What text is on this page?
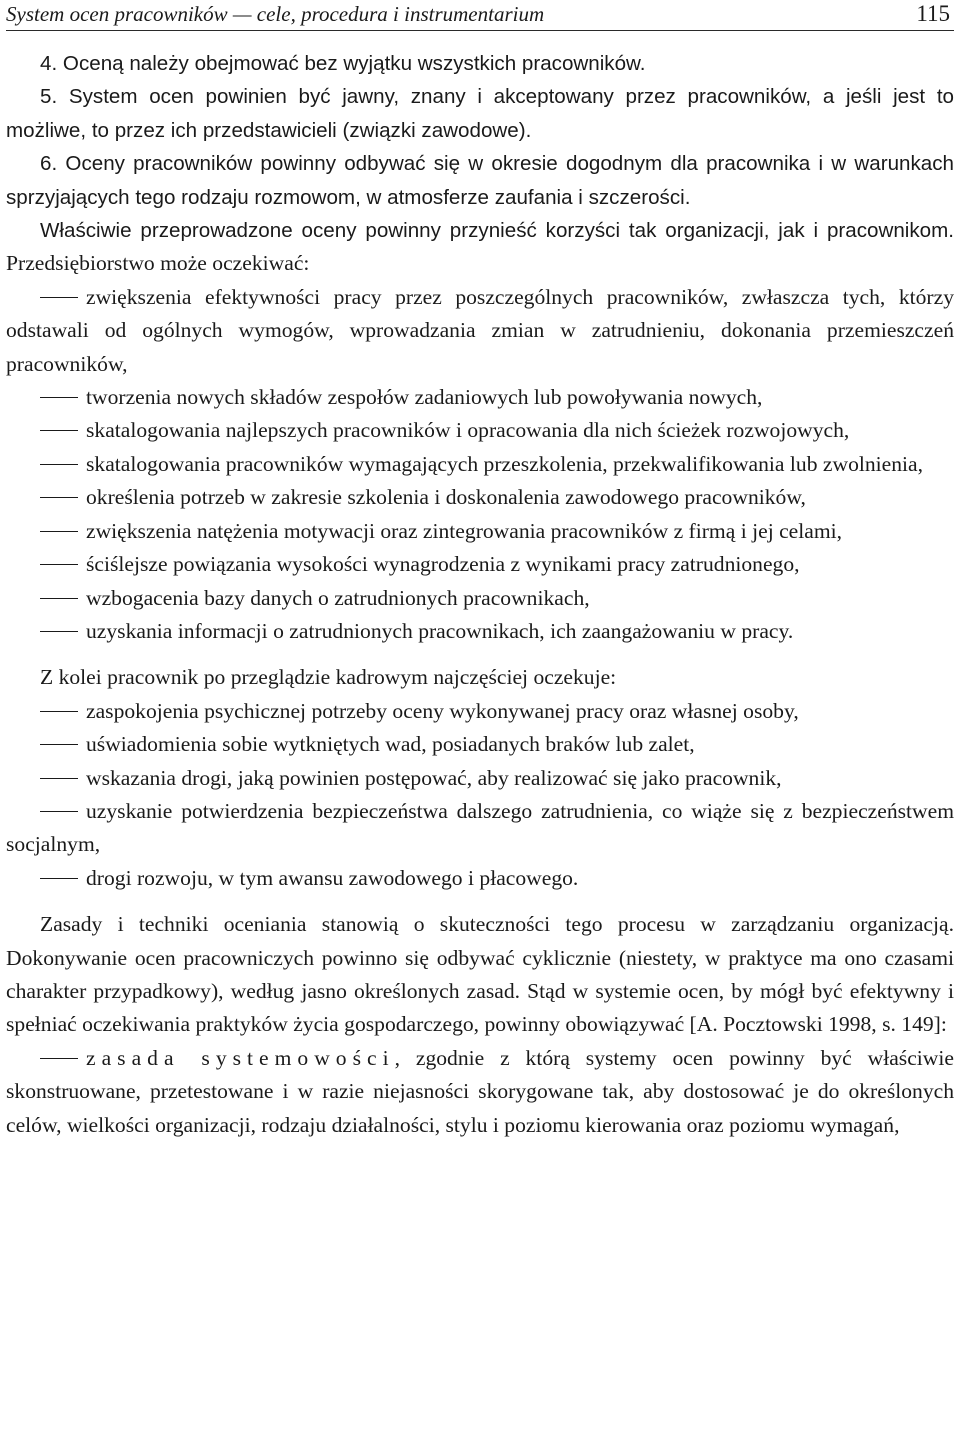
System ocen pracowników — cele, procedura i instrumentarium	115

4. Oceną należy obejmować bez wyjątku wszystkich pracowników.

5. System ocen powinien być jawny, znany i akceptowany przez pracowników, a jeśli jest to możliwe, to przez ich przedstawicieli (związki zawodowe).

6. Oceny pracowników powinny odbywać się w okresie dogodnym dla pracownika i w warunkach sprzyjających tego rodzaju rozmowom, w atmosferze zaufania i szczerości.

Właściwie przeprowadzone oceny powinny przynieść korzyści tak organizacji, jak i pracownikom. Przedsiębiorstwo może oczekiwać:

zwiększenia efektywności pracy przez poszczególnych pracowników, zwłaszcza tych, którzy odstawali od ogólnych wymogów, wprowadzania zmian w zatrudnieniu, dokonania przemieszczeń pracowników,

tworzenia nowych składów zespołów zadaniowych lub powoływania nowych,

skatalogowania najlepszych pracowników i opracowania dla nich ścieżek rozwojowych,

skatalogowania pracowników wymagających przeszkolenia, przekwalifikowania lub zwolnienia,

określenia potrzeb w zakresie szkolenia i doskonalenia zawodowego pracowników,

zwiększenia natężenia motywacji oraz zintegrowania pracowników z firmą i jej celami,

ściślejsze powiązania wysokości wynagrodzenia z wynikami pracy zatrudnionego,

wzbogacenia bazy danych o zatrudnionych pracownikach,

uzyskania informacji o zatrudnionych pracownikach, ich zaangażowaniu w pracy.

Z kolei pracownik po przeglądzie kadrowym najczęściej oczekuje:

zaspokojenia psychicznej potrzeby oceny wykonywanej pracy oraz własnej osoby,

uświadomienia sobie wytkniętych wad, posiadanych braków lub zalet,

wskazania drogi, jaką powinien postępować, aby realizować się jako pracownik,

uzyskanie potwierdzenia bezpieczeństwa dalszego zatrudnienia, co wiąże się z bezpieczeństwem socjalnym,

drogi rozwoju, w tym awansu zawodowego i płacowego.

Zasady i techniki oceniania stanowią o skuteczności tego procesu w zarządzaniu organizacją. Dokonywanie ocen pracowniczych powinno się odbywać cyklicznie (niestety, w praktyce ma ono czasami charakter przypadkowy), według jasno określonych zasad. Stąd w systemie ocen, by mógł być efektywny i spełniać oczekiwania praktyków życia gospodarczego, powinny obowiązywać [A. Pocztowski 1998, s. 149]:

zasada systemowości, zgodnie z którą systemy ocen powinny być właściwie skonstruowane, przetestowane i w razie niejasności skorygowane tak, aby dostosować je do określonych celów, wielkości organizacji, rodzaju działalności, stylu i poziomu kierowania oraz poziomu wymagań,
